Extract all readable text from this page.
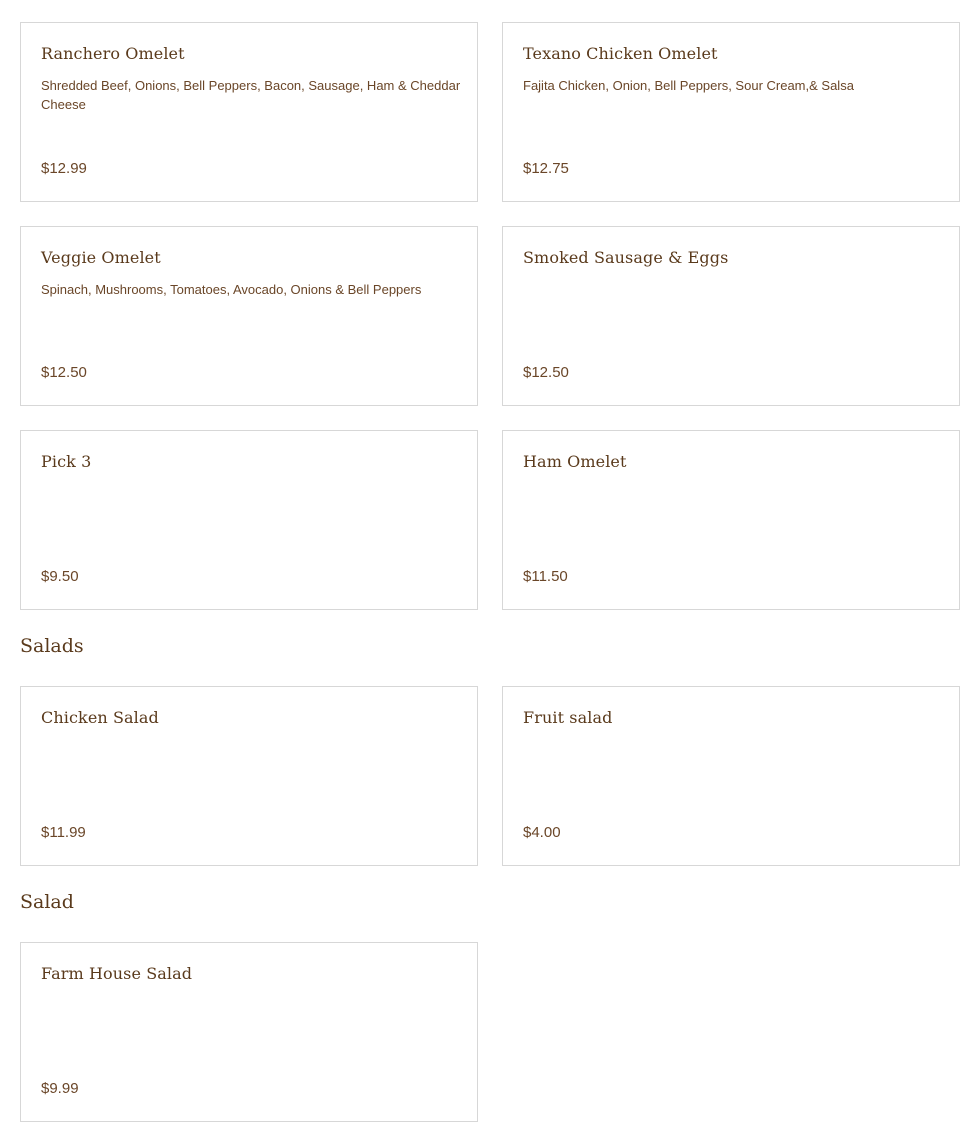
Ranchero Omelet
Shredded Beef, Onions, Bell Peppers, Bacon, Sausage, Ham & Cheddar Cheese
$12.99
Texano Chicken Omelet
Fajita Chicken, Onion, Bell Peppers, Sour Cream,& Salsa
$12.75
Veggie Omelet
Spinach, Mushrooms, Tomatoes, Avocado, Onions & Bell Peppers
$12.50
Smoked Sausage & Eggs
$12.50
Pick 3
$9.50
Ham Omelet
$11.50
Salads
Chicken Salad
$11.99
Fruit salad
$4.00
Salad
Farm House Salad
$9.99
